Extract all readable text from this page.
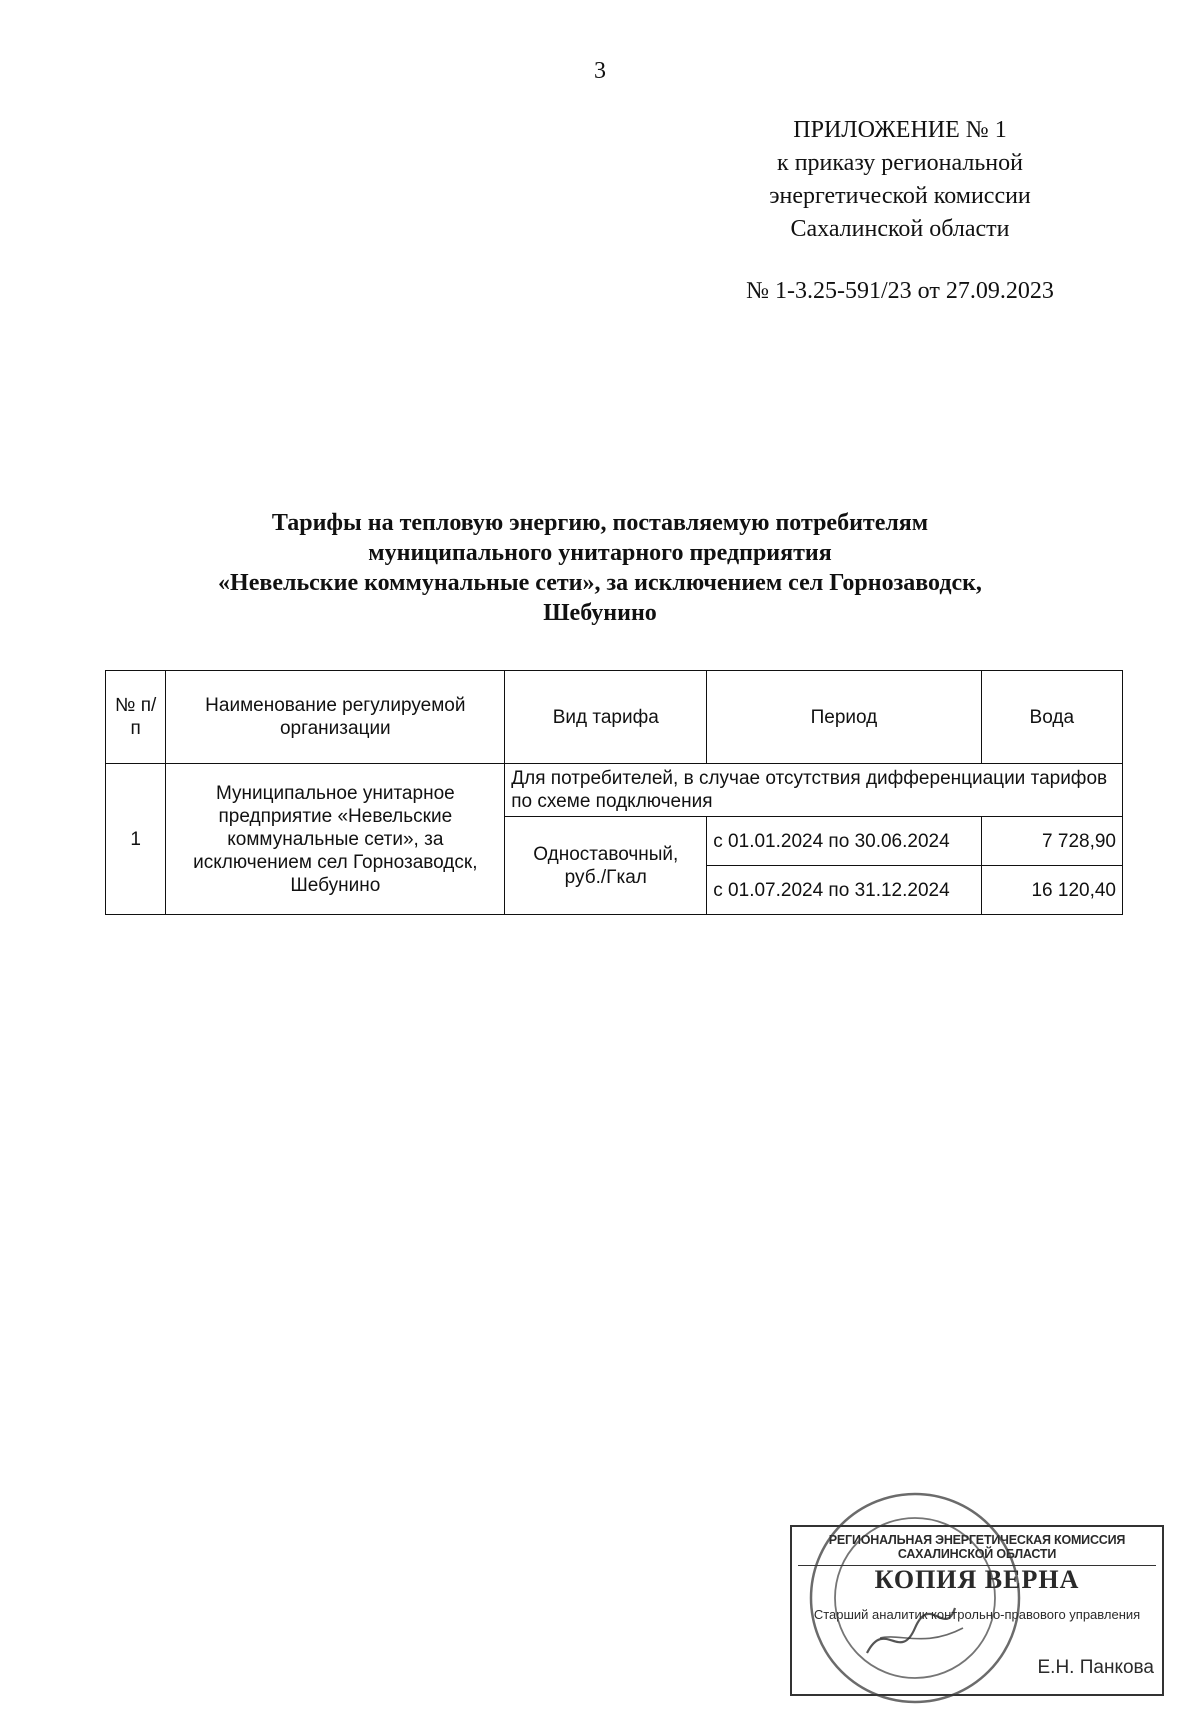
3
ПРИЛОЖЕНИЕ № 1
к приказу региональной
энергетической комиссии
Сахалинской области
№ 1-3.25-591/23 от 27.09.2023
Тарифы на тепловую энергию, поставляемую потребителям
муниципального унитарного предприятия
«Невельские коммунальные сети», за исключением сел Горнозаводск,
Шебунино
№ п/п	Наименование регулируемой организации	Вид тарифа	Период	Вода
1	Муниципальное унитарное предприятие «Невельские коммунальные сети», за исключением сел Горнозаводск, Шебунино	Для потребителей, в случае отсутствия дифференциации тарифов по схеме подключения		
		Одноставочный, руб./Гкал	с 01.01.2024 по 30.06.2024	7 728,90
			с 01.07.2024 по 31.12.2024	16 120,40
РЕГИОНАЛЬНАЯ ЭНЕРГЕТИЧЕСКАЯ КОМИССИЯ САХАЛИНСКОЙ ОБЛАСТИ
КОПИЯ ВЕРНА
Старший аналитик контрольно-правового управления
Е.Н. Панкова
